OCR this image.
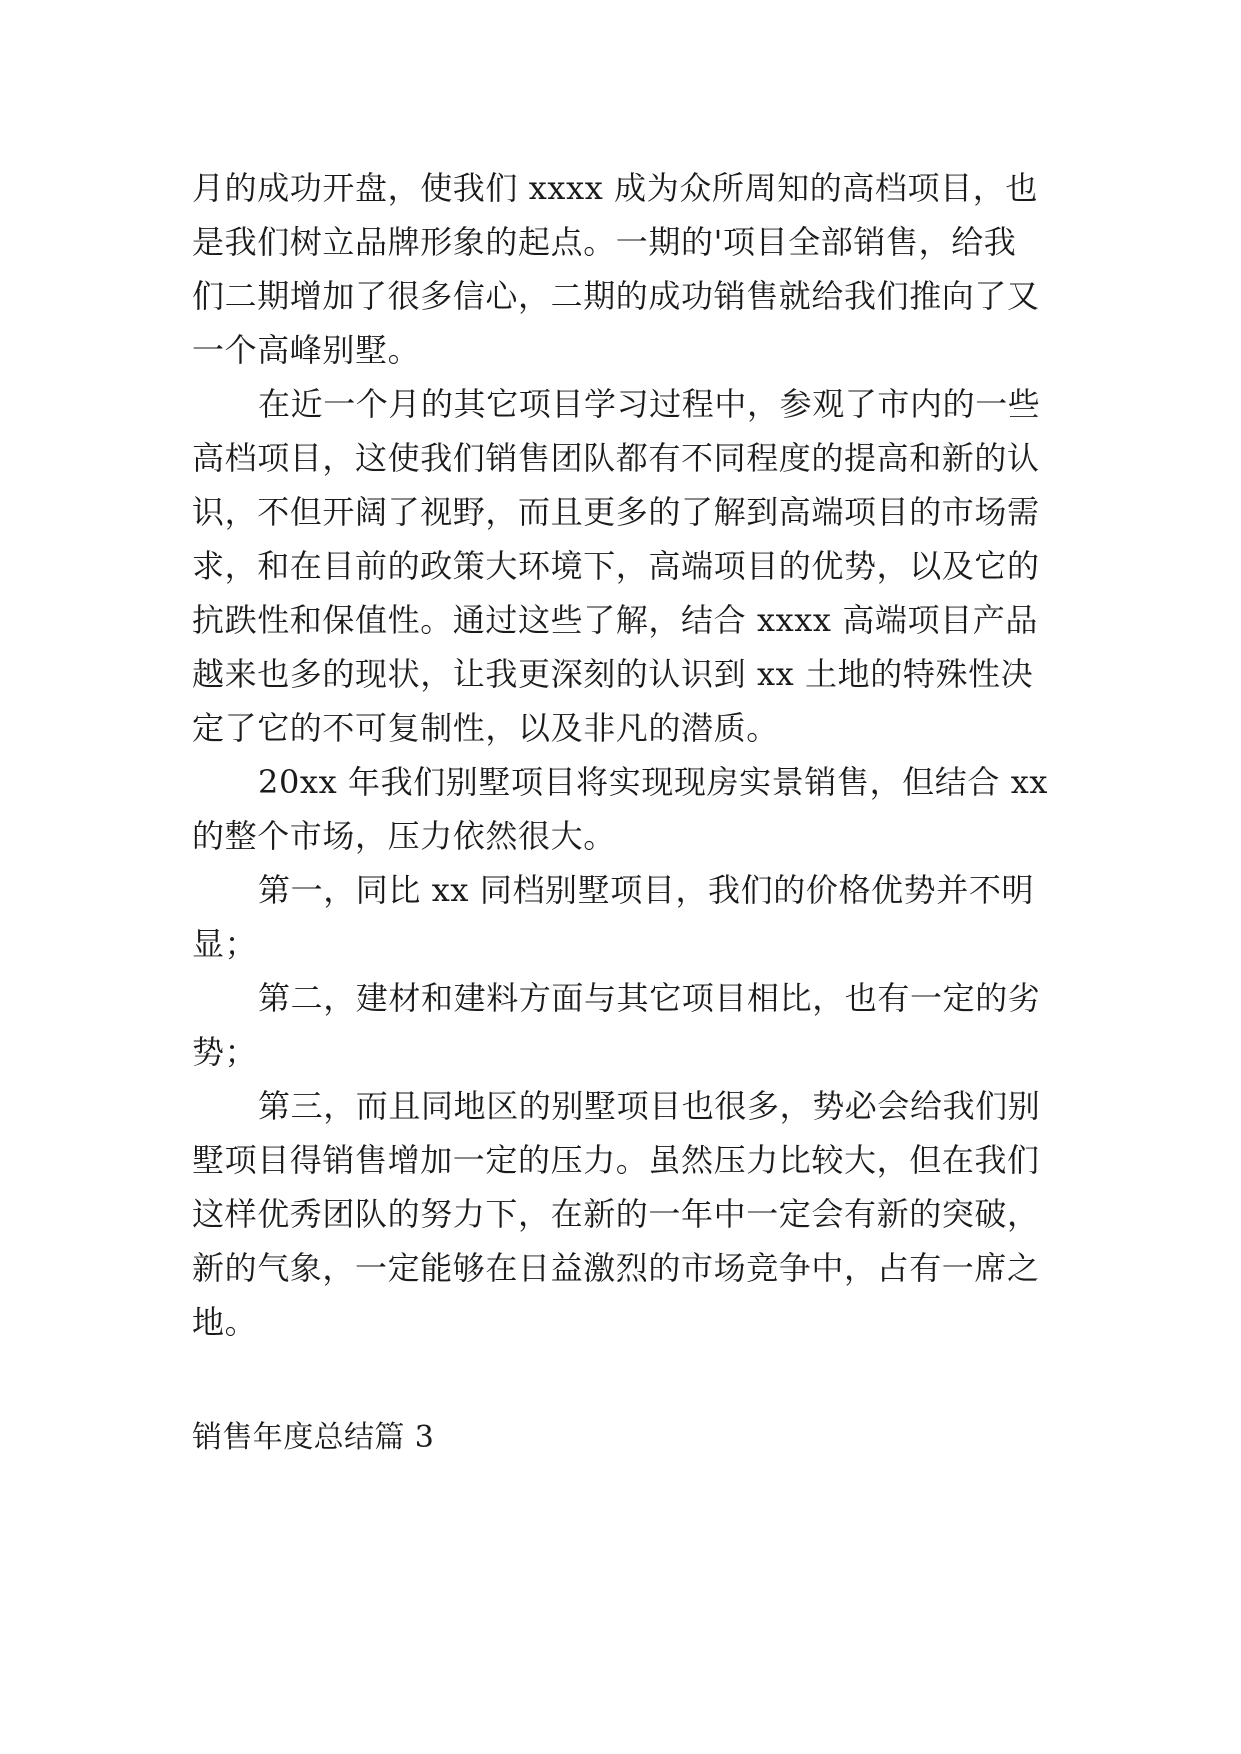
月的成功开盘，使我们 xxxx 成为众所周知的高档项目，也
是我们树立品牌形象的起点。一期的'项目全部销售，给我
们二期增加了很多信心，二期的成功销售就给我们推向了又
一个高峰别墅。
在近一个月的其它项目学习过程中，参观了市内的一些
高档项目，这使我们销售团队都有不同程度的提高和新的认
识，不但开阔了视野，而且更多的了解到高端项目的市场需
求，和在目前的政策大环境下，高端项目的优势，以及它的
抗跌性和保值性。通过这些了解，结合 xxxx 高端项目产品
越来也多的现状，让我更深刻的认识到 xx 土地的特殊性决
定了它的不可复制性，以及非凡的潜质。
20xx 年我们别墅项目将实现现房实景销售，但结合 xx
的整个市场，压力依然很大。
第一，同比 xx 同档别墅项目，我们的价格优势并不明
显；
第二，建材和建料方面与其它项目相比，也有一定的劣
势；
第三，而且同地区的别墅项目也很多，势必会给我们别
墅项目得销售增加一定的压力。虽然压力比较大，但在我们
这样优秀团队的努力下，在新的一年中一定会有新的突破，
新的气象，一定能够在日益激烈的市场竞争中，占有一席之
地。
销售年度总结篇 3
